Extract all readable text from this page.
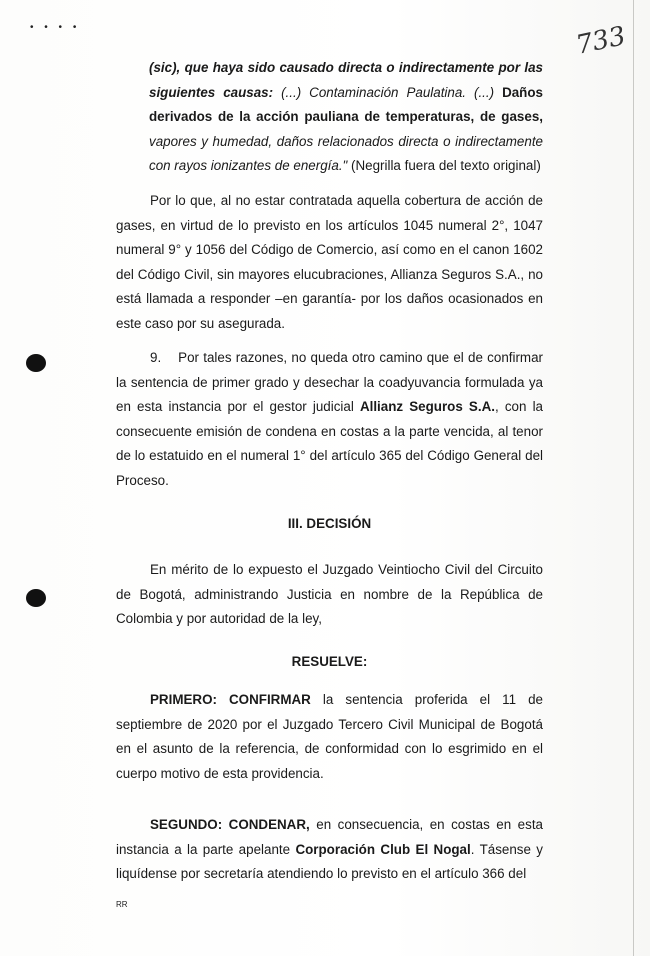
• • • •	733
(sic), que haya sido causado directa o indirectamente por las siguientes causas: (...) Contaminación Paulatina. (...) Daños derivados de la acción pauliana de temperaturas, de gases, vapores y humedad, daños relacionados directa o indirectamente con rayos ionizantes de energía." (Negrilla fuera del texto original)
Por lo que, al no estar contratada aquella cobertura de acción de gases, en virtud de lo previsto en los artículos 1045 numeral 2°, 1047 numeral 9° y 1056 del Código de Comercio, así como en el canon 1602 del Código Civil, sin mayores elucubraciones, Allianza Seguros S.A., no está llamada a responder –en garantía- por los daños ocasionados en este caso por su asegurada.
9. Por tales razones, no queda otro camino que el de confirmar la sentencia de primer grado y desechar la coadyuvancia formulada ya en esta instancia por el gestor judicial Allianz Seguros S.A., con la consecuente emisión de condena en costas a la parte vencida, al tenor de lo estatuido en el numeral 1° del artículo 365 del Código General del Proceso.
III. DECISIÓN
En mérito de lo expuesto el Juzgado Veintiocho Civil del Circuito de Bogotá, administrando Justicia en nombre de la República de Colombia y por autoridad de la ley,
RESUELVE:
PRIMERO: CONFIRMAR la sentencia proferida el 11 de septiembre de 2020 por el Juzgado Tercero Civil Municipal de Bogotá en el asunto de la referencia, de conformidad con lo esgrimido en el cuerpo motivo de esta providencia.
SEGUNDO: CONDENAR, en consecuencia, en costas en esta instancia a la parte apelante Corporación Club El Nogal. Tásense y liquídense por secretaría atendiendo lo previsto en el artículo 366 del
RR
